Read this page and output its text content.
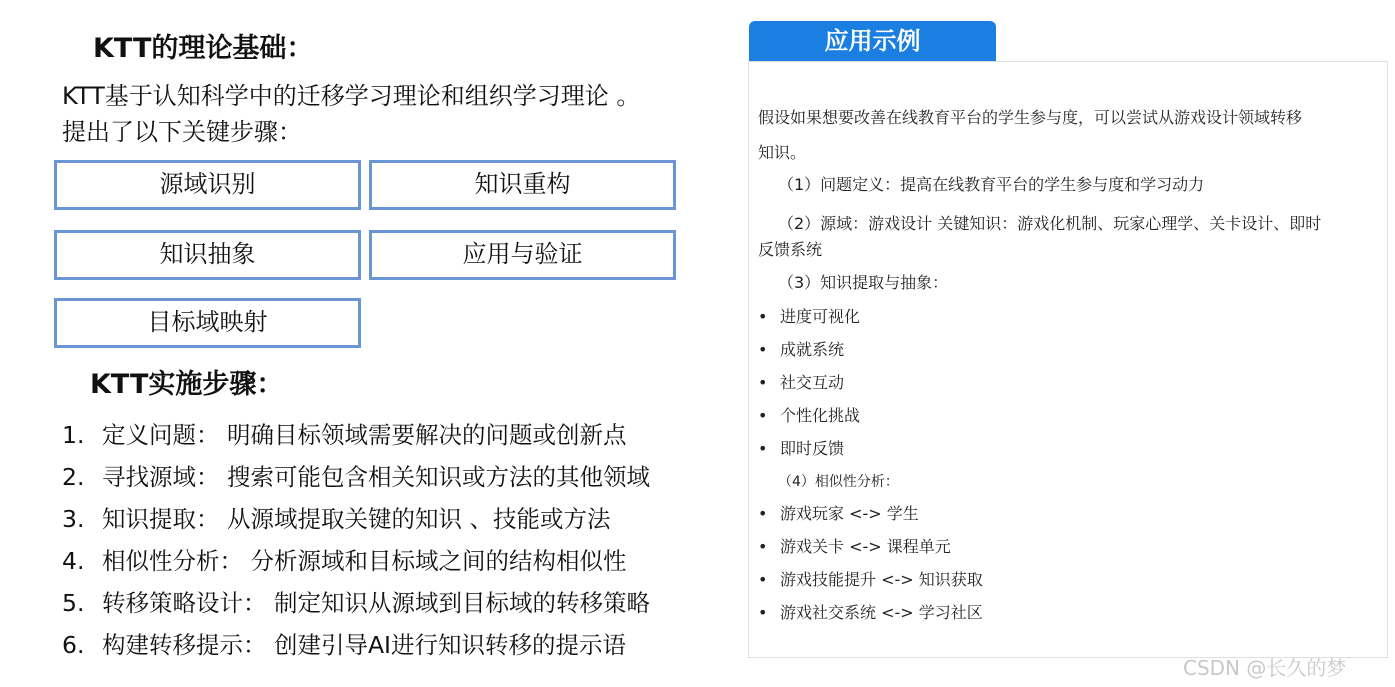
KTT的理论基础：
KTT基于认知科学中的迁移学习理论和组织学习理论 。
提出了以下关键步骤：
源域识别	知识重构
知识抽象	应用与验证
目标域映射
KTT实施步骤：
1. 定义问题： 明确目标领域需要解决的问题或创新点
2. 寻找源域： 搜索可能包含相关知识或方法的其他领域
3. 知识提取： 从源域提取关键的知识 、技能或方法
4. 相似性分析： 分析源域和目标域之间的结构相似性
5. 转移策略设计： 制定知识从源域到目标域的转移策略
6. 构建转移提示： 创建引导AI进行知识转移的提示语
应用示例
假设如果想要改善在线教育平台的学生参与度，可以尝试从游戏设计领域转移
知识。
（1）问题定义：提高在线教育平台的学生参与度和学习动力
（2）源域：游戏设计 关键知识：游戏化机制、玩家心理学、关卡设计、即时
反馈系统
（3）知识提取与抽象：
• 进度可视化
• 成就系统
• 社交互动
• 个性化挑战
• 即时反馈
（4）相似性分析：
• 游戏玩家 <-> 学生
• 游戏关卡 <-> 课程单元
• 游戏技能提升 <-> 知识获取
• 游戏社交系统 <-> 学习社区
CSDN @长久的梦
